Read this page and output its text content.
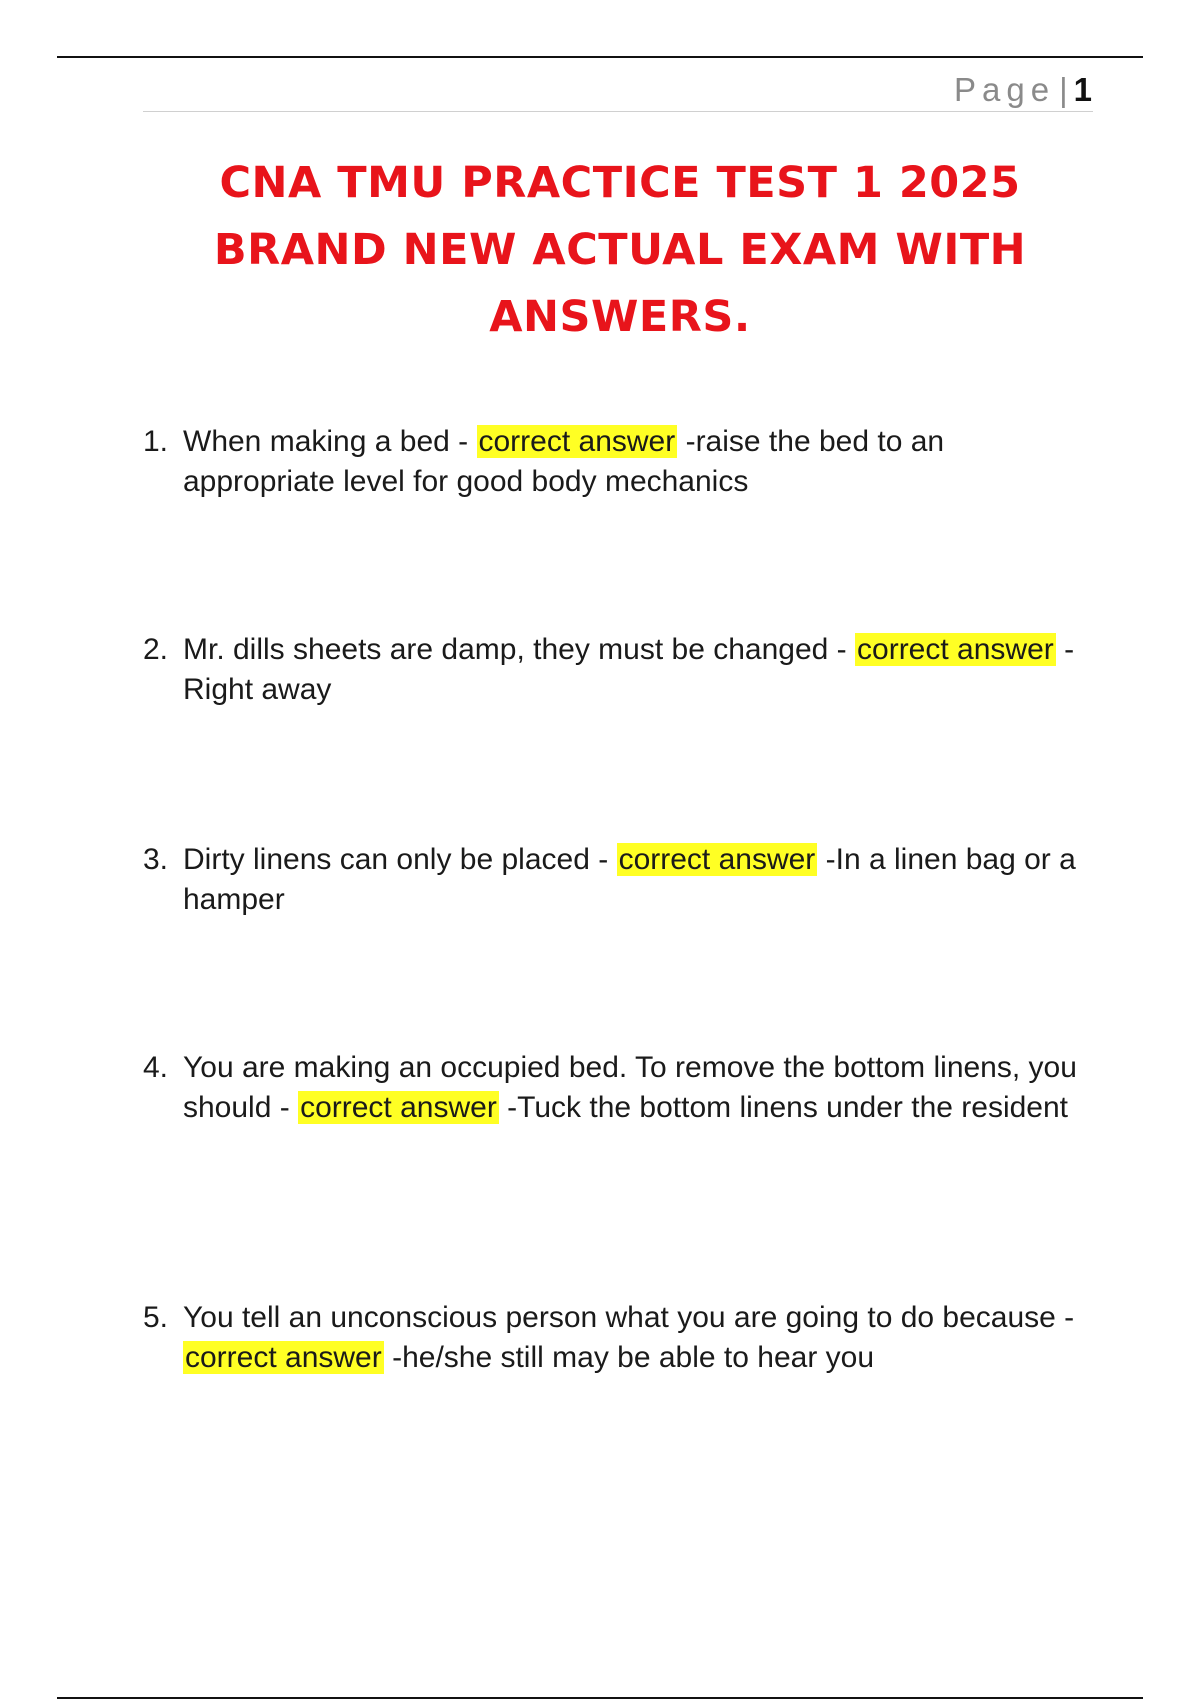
Page | 1
CNA TMU PRACTICE TEST 1 2025
BRAND NEW ACTUAL EXAM WITH
ANSWERS.
1. When making a bed - correct answer -raise the bed to an appropriate level for good body mechanics
2. Mr. dills sheets are damp, they must be changed - correct answer -Right away
3. Dirty linens can only be placed - correct answer -In a linen bag or a hamper
4. You are making an occupied bed. To remove the bottom linens, you should - correct answer -Tuck the bottom linens under the resident
5. You tell an unconscious person what you are going to do because - correct answer -he/she still may be able to hear you
